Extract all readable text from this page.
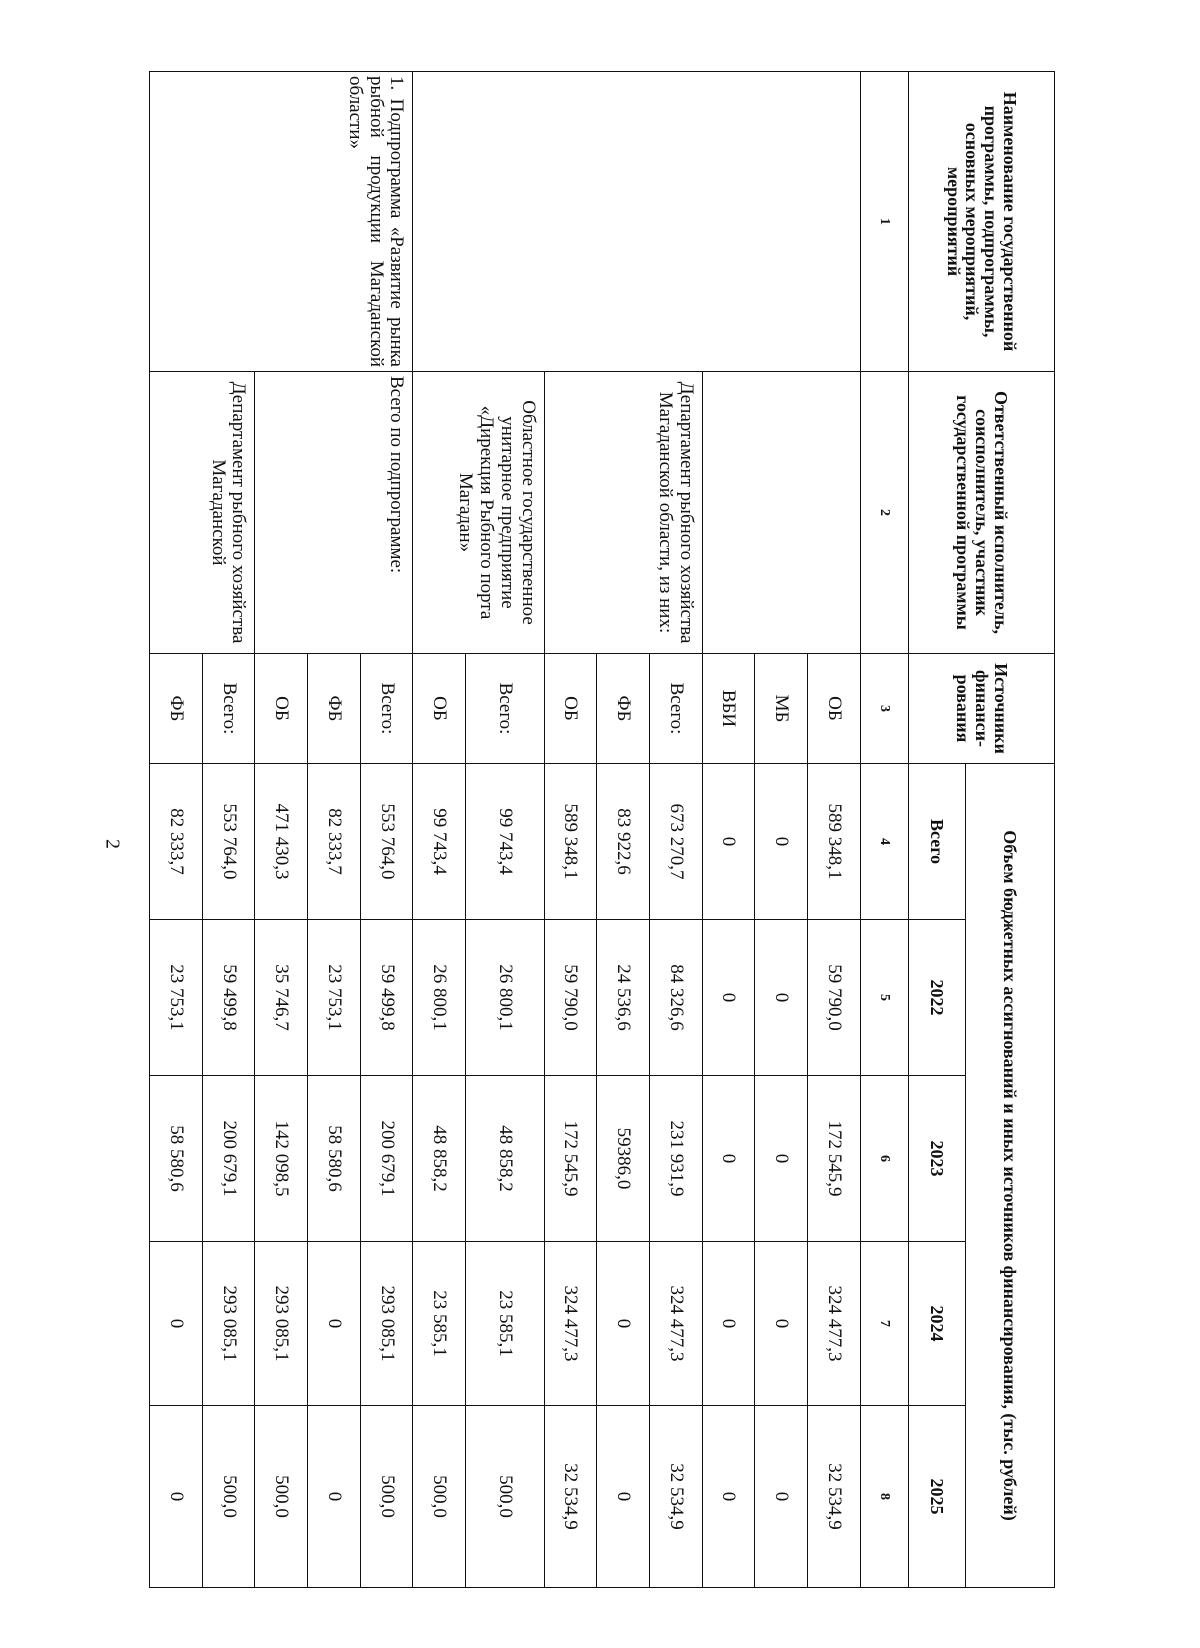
2
Наименование государственной программы, подпрограммы, основных мероприятий, мероприятий	Ответственный исполнитель, соисполнитель, участник государственной программы	Источники финанси-рования	Объем бюджетных ассигнований и иных источников финансирования, (тыс. рублей)				
			Всего	2022	2023	2024	2025
1	2	3	4	5	6	7	8
		ОБ	589 348,1	59 790,0	172 545,9	324 477,3	32 534,9
		МБ	0	0	0	0	0
		ВБИ	0	0	0	0	0
	Департамент рыбного хозяйства Магаданской области, из них:	Всего:	673 270,7	84 326,6	231 931,9	324 477,3	32 534,9
		ФБ	83 922,6	24 536,6	59386,0	0	0
		ОБ	589 348,1	59 790,0	172 545,9	324 477,3	32 534,9
	Областное государственное унитарное предприятие «Дирекция Рыбного порта Магадан»	Всего:	99 743,4	26 800,1	48 858,2	23 585,1	500,0
		ОБ	99 743,4	26 800,1	48 858,2	23 585,1	500,0
1. Подпрограмма «Развитие рынка рыбной продукции Магаданской области»	Всего по подпрограмме:	Всего:	553 764,0	59 499,8	200 679,1	293 085,1	500,0
		ФБ	82 333,7	23 753,1	58 580,6	0	0
		ОБ	471 430,3	35 746,7	142 098,5	293 085,1	500,0
	Департамент рыбного хозяйства Магаданской	Всего:	553 764,0	59 499,8	200 679,1	293 085,1	500,0
		ФБ	82 333,7	23 753,1	58 580,6	0	0
